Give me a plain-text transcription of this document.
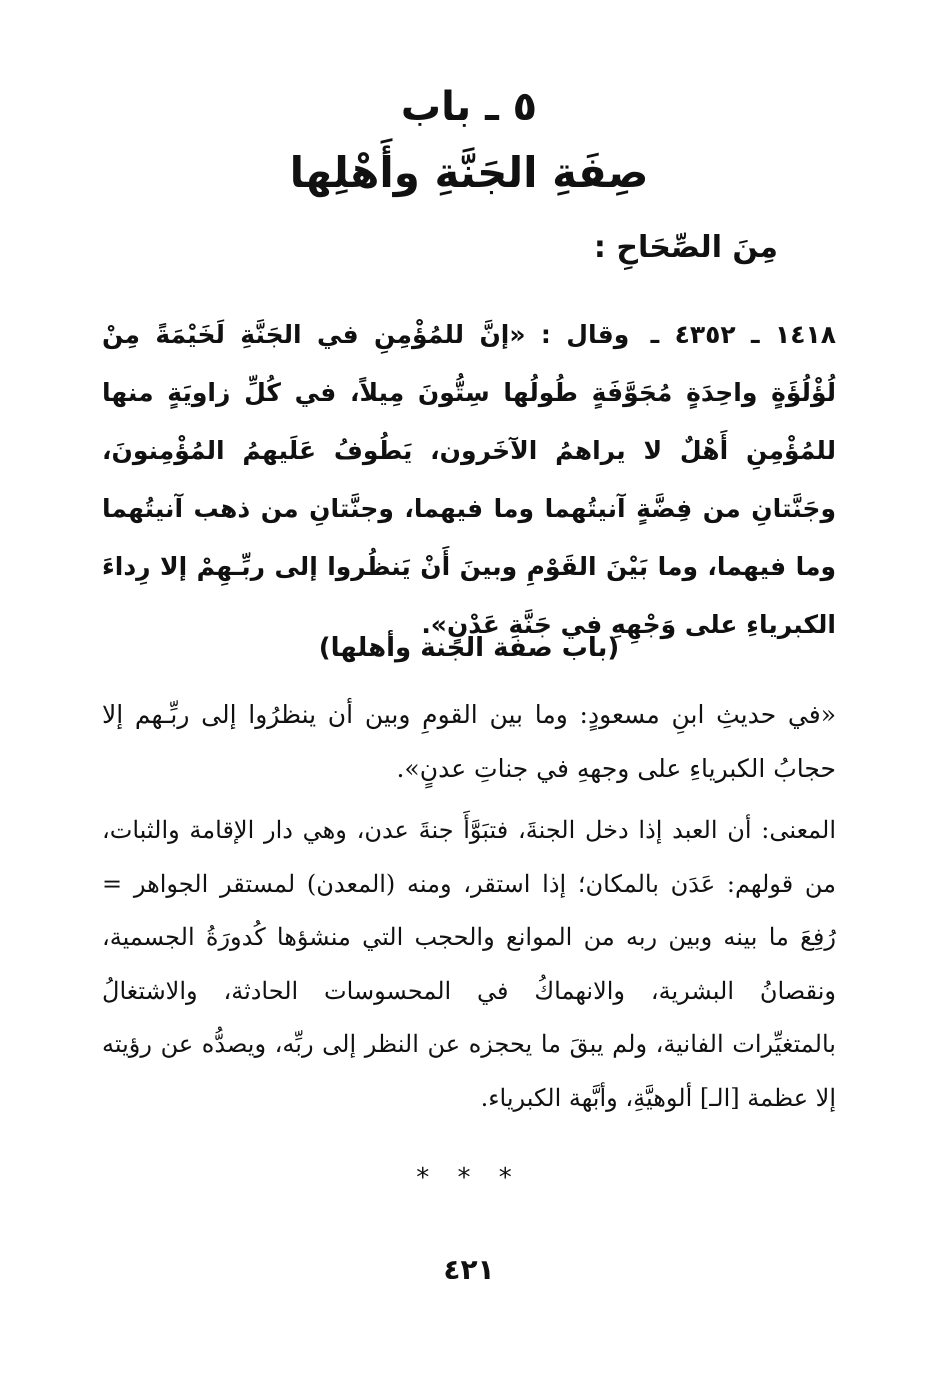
٥ ـ باب
صِفَةِ الجَنَّةِ وأَهْلِها
مِنَ الصِّحَاحِ :
١٤١٨ ـ ٤٣٥٢ ـ وقال : «إنَّ للمُؤْمِنِ في الجَنَّةِ لَخَيْمَةً مِنْ لُؤْلُؤَةٍ واحِدَةٍ مُجَوَّفَةٍ طُولُها سِتُّونَ مِيلاً، في كُلِّ زاويَةٍ منها للمُؤْمِنِ أَهْلٌ لا يراهمُ الآخَرون، يَطُوفُ عَلَيهمُ المُؤْمِنونَ، وجَنَّتانِ من فِضَّةٍ آنيتُهما وما فيهما، وجنَّتانِ من ذهب آنيتُهما وما فيهما، وما بَيْنَ القَوْمِ وبينَ أَنْ يَنظُروا إلى ربِّـهِمْ إلا رِداءَ الكبرياءِ على وَجْهِهِ في جَنَّةِ عَدْنٍ».
(باب صفة الجنة وأهلها)
«في حديثِ ابنِ مسعودٍ: وما بين القومِ وبين أن ينظرُوا إلى ربِّـهم إلا حجابُ الكبرياءِ على وجههِ في جناتِ عدنٍ».
المعنى: أن العبد إذا دخل الجنةَ، فتبَوَّأَ جنةَ عدن، وهي دار الإقامة والثبات، من قولهم: عَدَن بالمكان؛ إذا استقر، ومنه (المعدن) لمستقر الجواهر = رُفِعَ ما بينه وبين ربه من الموانع والحجب التي منشؤها كُدورَةُ الجسمية، ونقصانُ البشرية، والانهماكُ في المحسوسات الحادثة، والاشتغالُ بالمتغيِّرات الفانية، ولم يبقَ ما يحجزه عن النظر إلى ربِّه، ويصدُّه عن رؤيته إلا عظمة [الـ] ألوهيَّةِ، وأبَّهة الكبرياء.
* * *
٤٢١
